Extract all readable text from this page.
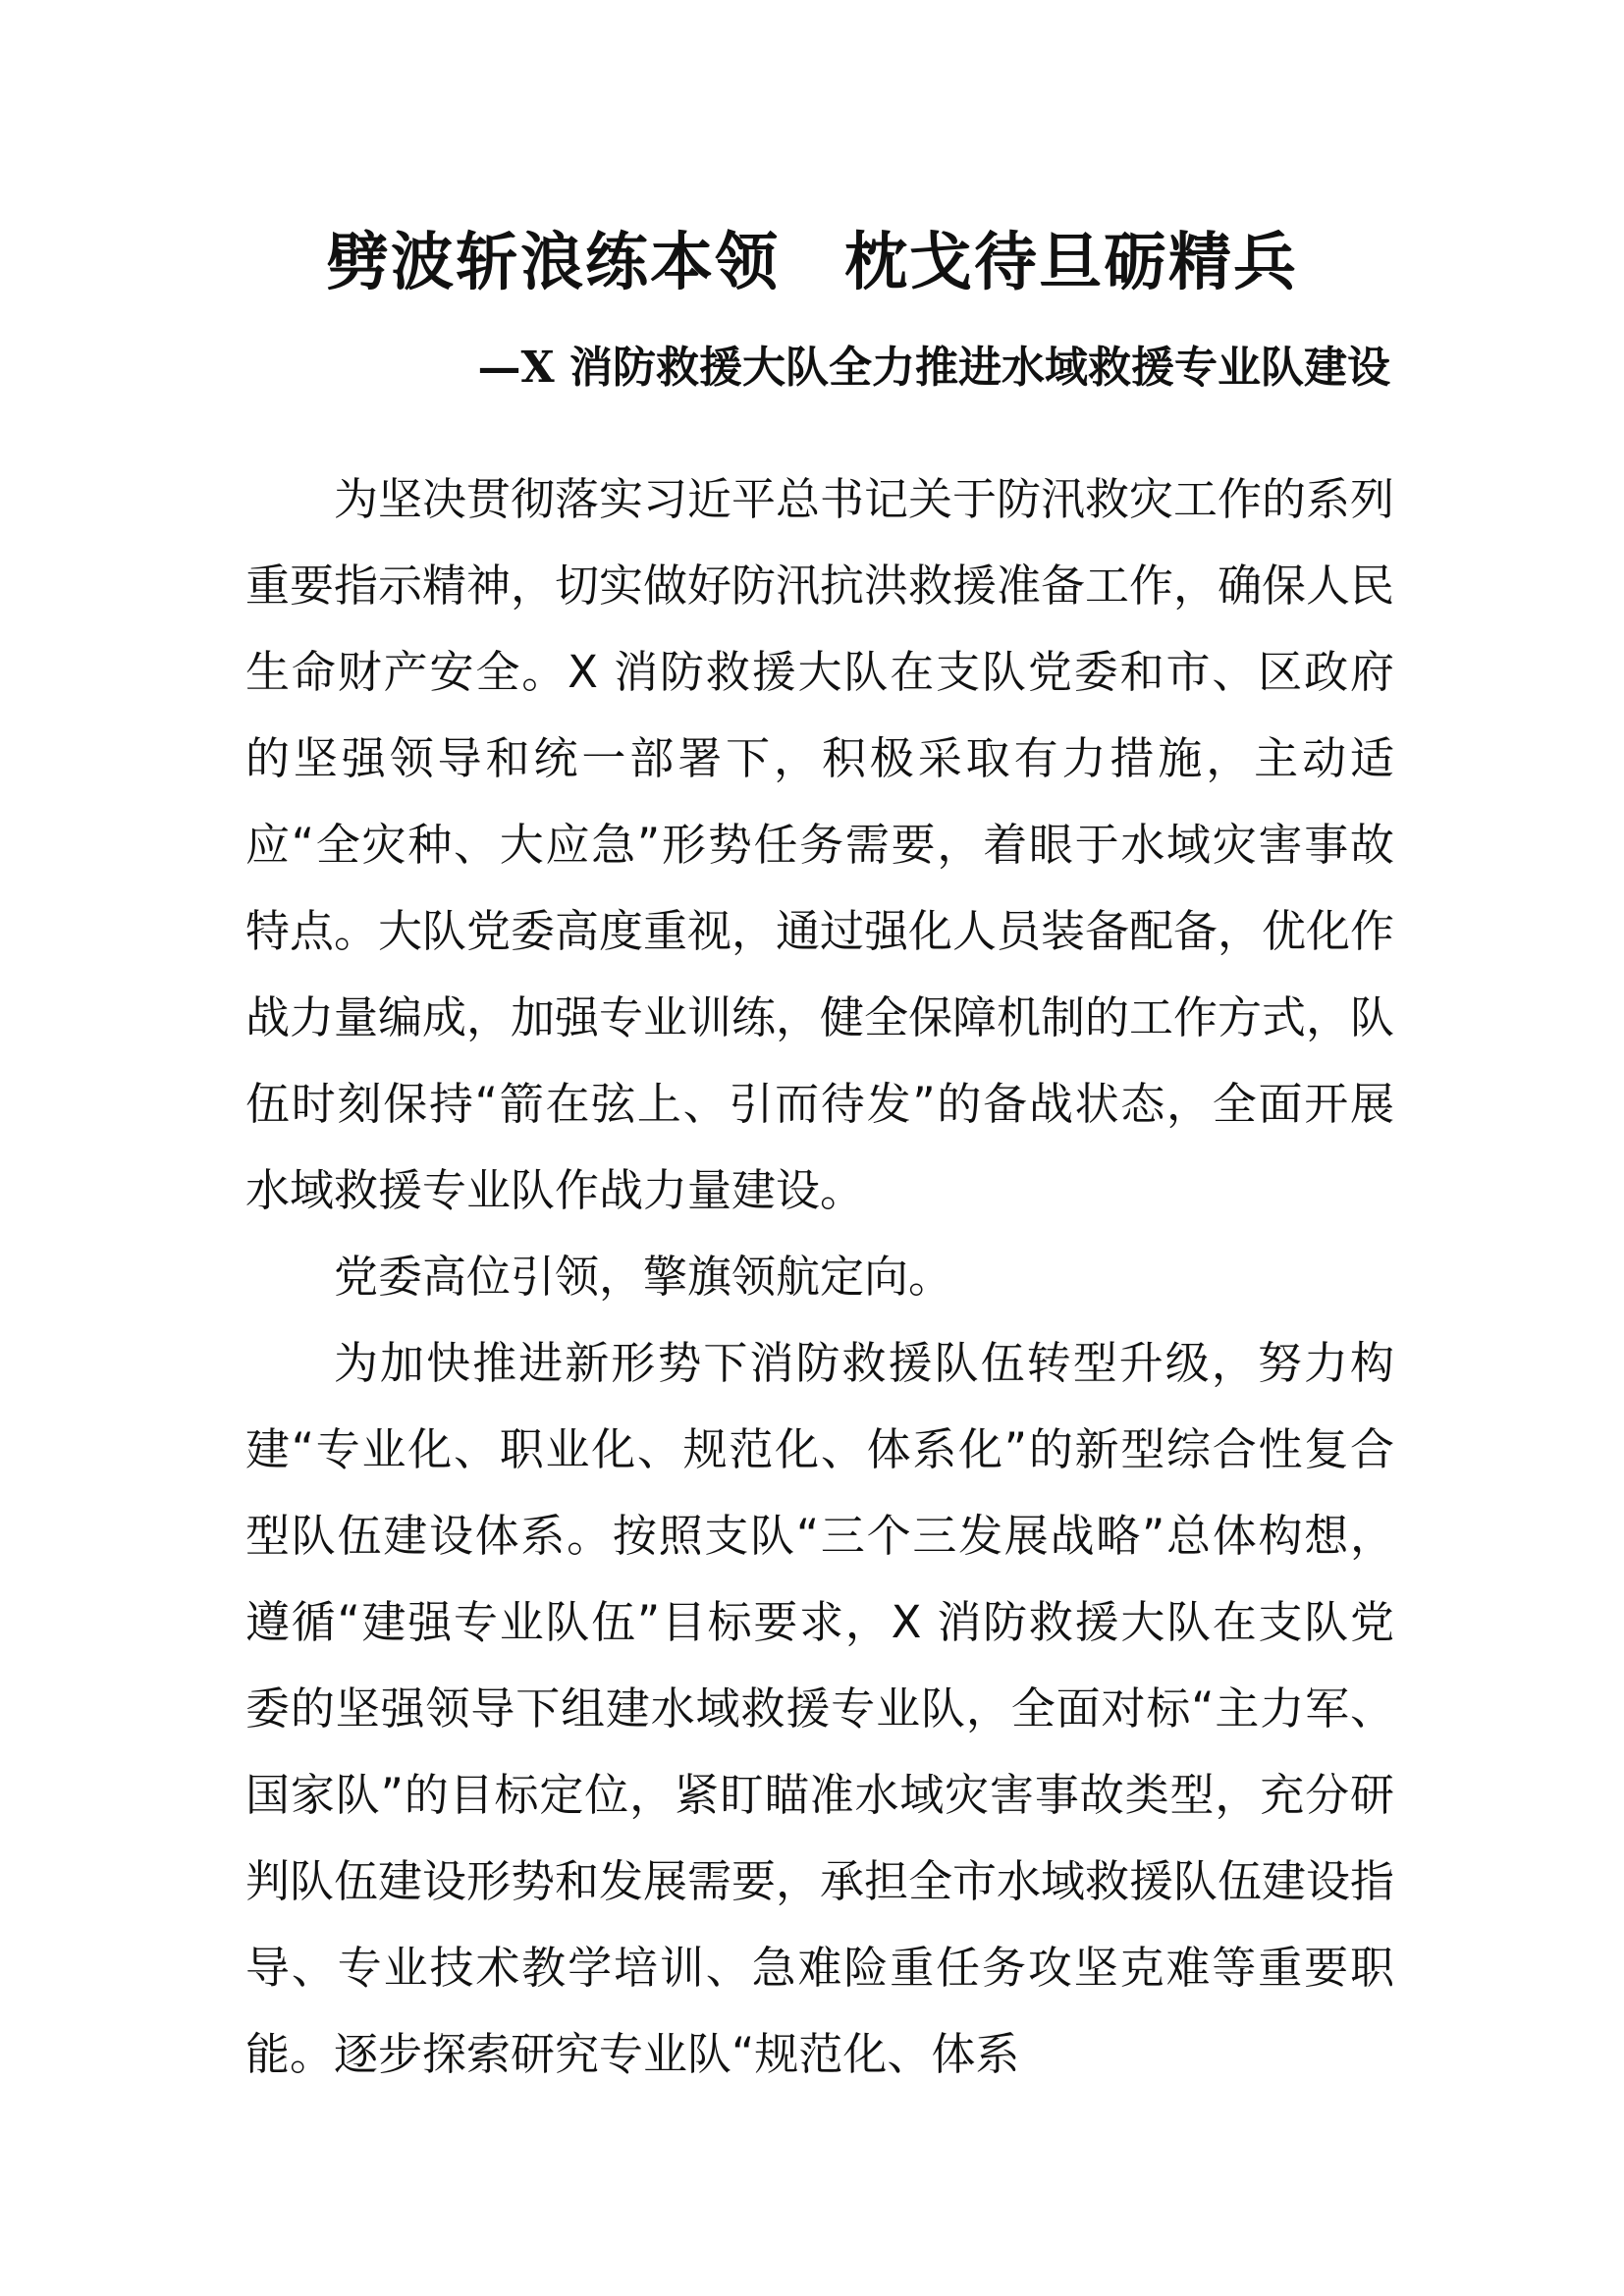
劈波斩浪练本领　枕戈待旦砺精兵
—X 消防救援大队全力推进水域救援专业队建设

为坚决贯彻落实习近平总书记关于防汛救灾工作的系列重要指示精神，切实做好防汛抗洪救援准备工作，确保人民生命财产安全。X 消防救援大队在支队党委和市、区政府的坚强领导和统一部署下，积极采取有力措施，主动适应“全灾种、大应急”形势任务需要，着眼于水域灾害事故特点。大队党委高度重视，通过强化人员装备配备，优化作战力量编成，加强专业训练，健全保障机制的工作方式，队伍时刻保持“箭在弦上、引而待发”的备战状态，全面开展水域救援专业队作战力量建设。

党委高位引领，擎旗领航定向。

为加快推进新形势下消防救援队伍转型升级，努力构建“专业化、职业化、规范化、体系化”的新型综合性复合型队伍建设体系。按照支队“三个三发展战略”总体构想，遵循“建强专业队伍”目标要求，X 消防救援大队在支队党委的坚强领导下组建水域救援专业队，全面对标“主力军、国家队”的目标定位，紧盯瞄准水域灾害事故类型，充分研判队伍建设形势和发展需要，承担全市水域救援队伍建设指导、专业技术教学培训、急难险重任务攻坚克难等重要职能。逐步探索研究专业队“规范化、体系
